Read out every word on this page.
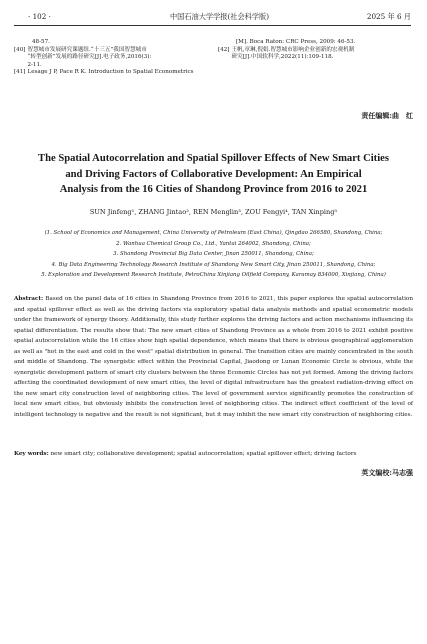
· 102 ·	中国石油大学学报(社会科学版)	2025 年 6 月
48-57.
[40] 智慧城市发展研究课题组.“十三五”我国智慧城市
“转型创新”发展的路径研究[J].电子政务,2016(3):
2-11.
[41] Lesage J P, Pace R K. Introduction to Spatial Econometrics
[M]. Boca Raton: CRC Press, 2009: 46-53.
[42] 王帆,章琳,倪娟.智慧城市影响企业创新的宏观机制
研究[J].中国软科学,2022(11):109-118.
责任编辑:曲　红
The Spatial Autocorrelation and Spatial Spillover Effects of New Smart Cities
and Driving Factors of Collaborative Development: An Empirical
Analysis from the 16 Cities of Shandong Province from 2016 to 2021
SUN Jinfeng¹, ZHANG Jintao², REN Menglin³, ZOU Fengyi⁴, TAN Xinping⁵
(1. School of Economics and Management, China University of Petroleum (East China), Qingdao 266580, Shandong, China;
2. Wanhua Chemical Group Co., Ltd., Yantai 264002, Shandong, China;
3. Shandong Provincial Big Data Center, Jinan 250011, Shandong, China;
4. Big Data Engineering Technology Research Institute of Shandong New Smart City, Jinan 250011, Shandong, China;
5. Exploration and Development Research Institute, PetroChina Xinjiang Oilfield Company, Karamay 834000, Xinjiang, China)
Abstract: Based on the panel data of 16 cities in Shandong Province from 2016 to 2021, this paper explores the spatial autocorrelation and spatial spillover effect as well as the driving factors via exploratory spatial data analysis methods and spatial econometric models under the framework of synergy theory. Additionally, this study further explores the driving factors and action mechanisms influencing its spatial differentiation. The results show that: The new smart cities of Shandong Province as a whole from 2016 to 2021 exhibit positive spatial autocorrelation while the 16 cities show high spatial dependence, which means that there is obvious geographical agglomeration as well as "hot in the east and cold in the west" spatial distribution in general. The transition cities are mainly concentrated in the south and middle of Shandong. The synergistic effect within the Provincial Capital, Jiaodong or Lunan Economic Circle is obvious, while the synergistic development pattern of smart city clusters between the three Economic Circles has not yet formed. Among the driving factors affecting the coordinated development of new smart cities, the level of digital infrastructure has the greatest radiation-driving effect on the new smart city construction level of neighboring cities. The level of government service significantly promotes the construction of local new smart cities, but obviously inhibits the construction level of neighboring cities. The indirect effect coefficient of the level of intelligent technology is negative and the result is not significant, but it may inhibit the new smart city construction of neighboring cities.
Key words: new smart city; collaborative development; spatial autocorrelation; spatial spillover effect; driving factors
英文编校:马志强
